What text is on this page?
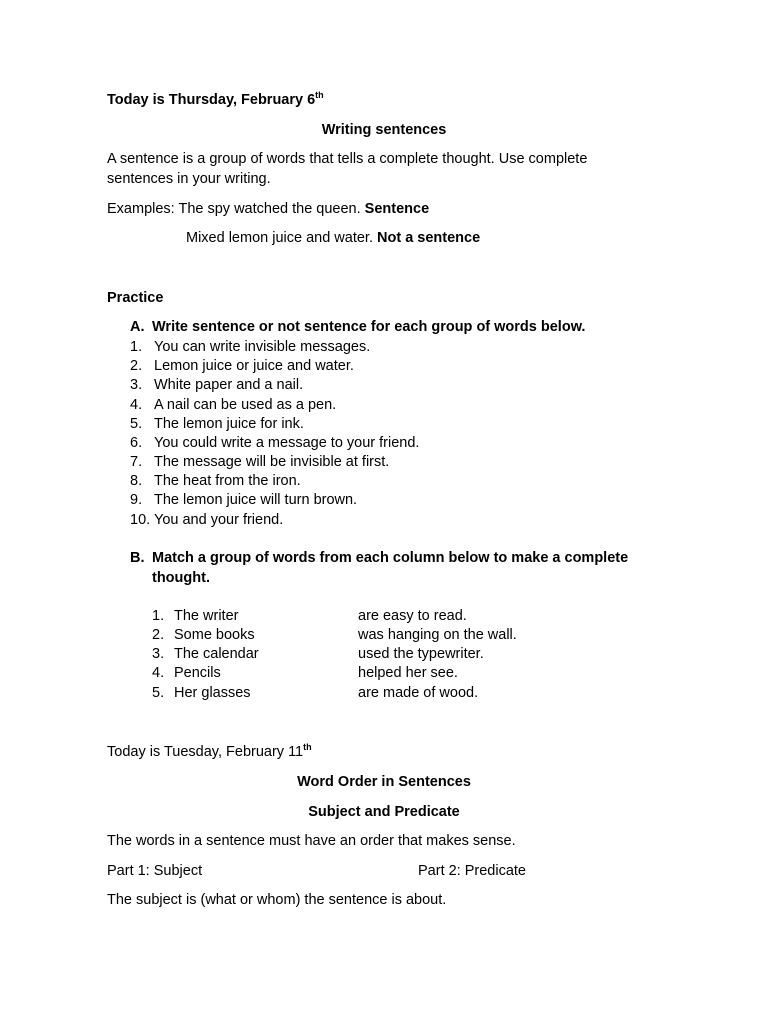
Today is Thursday, February 6th
Writing sentences
A sentence is a group of words that tells a complete thought. Use complete
sentences in your writing.
Examples: The spy watched the queen. Sentence
Mixed lemon juice and water. Not a sentence
Practice
A. Write sentence or not sentence for each group of words below.
1. You can write invisible messages.
2. Lemon juice or juice and water.
3. White paper and a nail.
4. A nail can be used as a pen.
5. The lemon juice for ink.
6. You could write a message to your friend.
7. The message will be invisible at first.
8. The heat from the iron.
9. The lemon juice will turn brown.
10. You and your friend.
B. Match a group of words from each column below to make a complete
thought.
1. The writer	are easy to read.
2. Some books	was hanging on the wall.
3. The calendar	used the typewriter.
4. Pencils	helped her see.
5. Her glasses	are made of wood.
Today is Tuesday, February 11th
Word Order in Sentences
Subject and Predicate
The words in a sentence must have an order that makes sense.
Part 1: Subject	Part 2: Predicate
The subject is (what or whom) the sentence is about.
